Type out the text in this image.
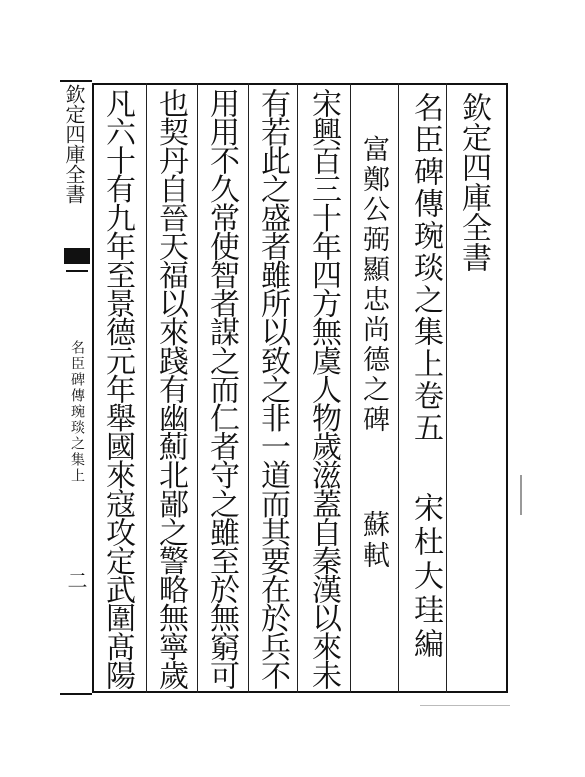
欽定四庫全書
名臣碑傳琬琰之集上卷五
宋杜大珪編
富鄭公弼顯忠尚德之碑
蘇軾
宋興百三十年四方無虞人物歲滋蓋自秦漢以來未
有若此之盛者雖所以致之非一道而其要在於兵不
用用不久常使智者謀之而仁者守之雖至於無窮可
也契丹自晉天福以來踐有幽薊北鄙之警略無寧歲
凡六十有九年至景德元年舉國來寇攻定武圍髙陽
欽定四庫全書
名臣碑傳琬琰之集上
二
